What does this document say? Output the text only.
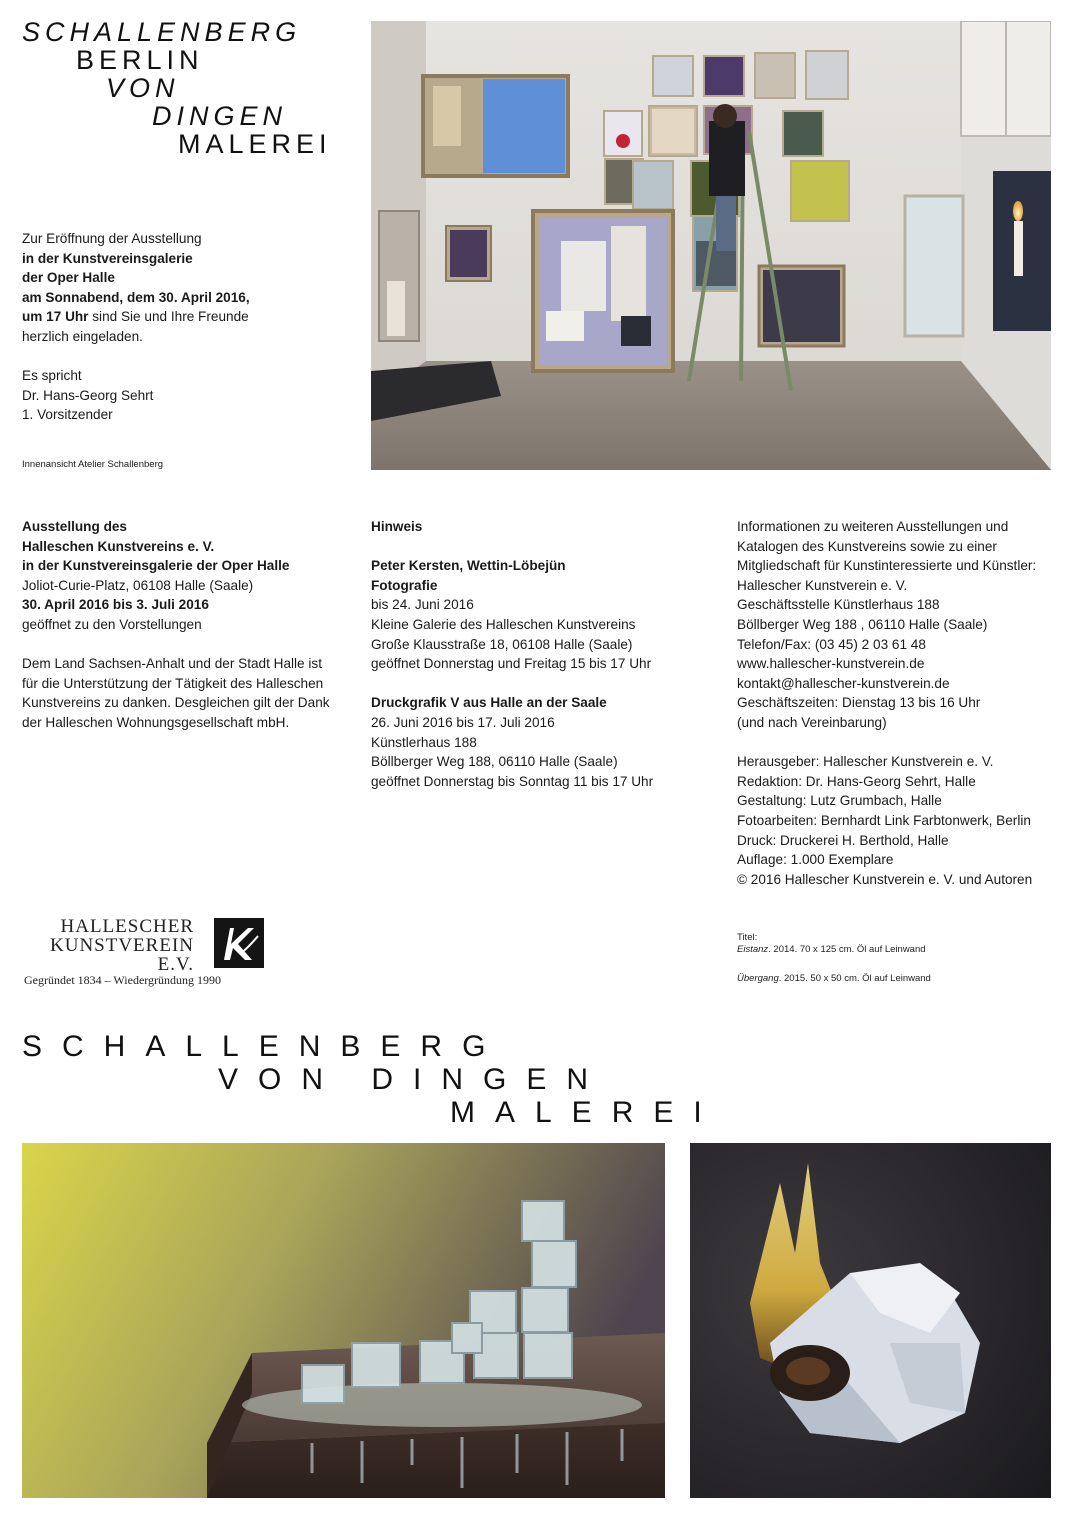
SCHALLENBERG
BERLIN
VON
DINGEN
MALEREI

Zur Eröffnung der Ausstellung
in der Kunstvereinsgalerie
der Oper Halle
am Sonnabend, dem 30. April 2016,
um 17 Uhr sind Sie und Ihre Freunde
herzlich eingeladen.

Es spricht
Dr. Hans-Georg Sehrt
1. Vorsitzender

Innenansicht Atelier Schallenberg
Ausstellung des
Halleschen Kunstvereins e. V.
in der Kunstvereinsgalerie der Oper Halle
Joliot-Curie-Platz, 06108 Halle (Saale)
30. April 2016 bis 3. Juli 2016
geöffnet zu den Vorstellungen

Dem Land Sachsen-Anhalt und der Stadt Halle ist
für die Unterstützung der Tätigkeit des Halleschen
Kunstvereins zu danken. Desgleichen gilt der Dank
der Halleschen Wohnungsgesellschaft mbH.
Hinweis

Peter Kersten, Wettin-Löbejün
Fotografie
bis 24. Juni 2016
Kleine Galerie des Halleschen Kunstvereins
Große Klausstraße 18, 06108 Halle (Saale)
geöffnet Donnerstag und Freitag 15 bis 17 Uhr

Druckgrafik V aus Halle an der Saale
26. Juni 2016 bis 17. Juli 2016
Künstlerhaus 188
Böllberger Weg 188, 06110 Halle (Saale)
geöffnet Donnerstag bis Sonntag 11 bis 17 Uhr
Informationen zu weiteren Ausstellungen und
Katalogen des Kunstvereins sowie zu einer
Mitgliedschaft für Kunstinteressierte und Künstler:
Hallescher Kunstverein e. V.
Geschäftsstelle Künstlerhaus 188
Böllberger Weg 188 , 06110 Halle (Saale)
Telefon/Fax: (03 45) 2 03 61 48
www.hallescher-kunstverein.de
kontakt@hallescher-kunstverein.de
Geschäftszeiten: Dienstag 13 bis 16 Uhr
(und nach Vereinbarung)

Herausgeber: Hallescher Kunstverein e. V.
Redaktion: Dr. Hans-Georg Sehrt, Halle
Gestaltung: Lutz Grumbach, Halle
Fotoarbeiten: Bernhardt Link Farbtonwerk, Berlin
Druck: Druckerei H. Berthold, Halle
Auflage: 1.000 Exemplare
© 2016 Hallescher Kunstverein e. V. und Autoren
HALLESCHER
KUNSTVEREIN
E.V.
Gegründet 1834 – Wiedergründung 1990
Titel:
Eistanz. 2014. 70 x 125 cm. Öl auf Leinwand
Übergang. 2015. 50 x 50 cm. Öl auf Leinwand
SCHALLENBERG
VON DINGEN
MALEREI
